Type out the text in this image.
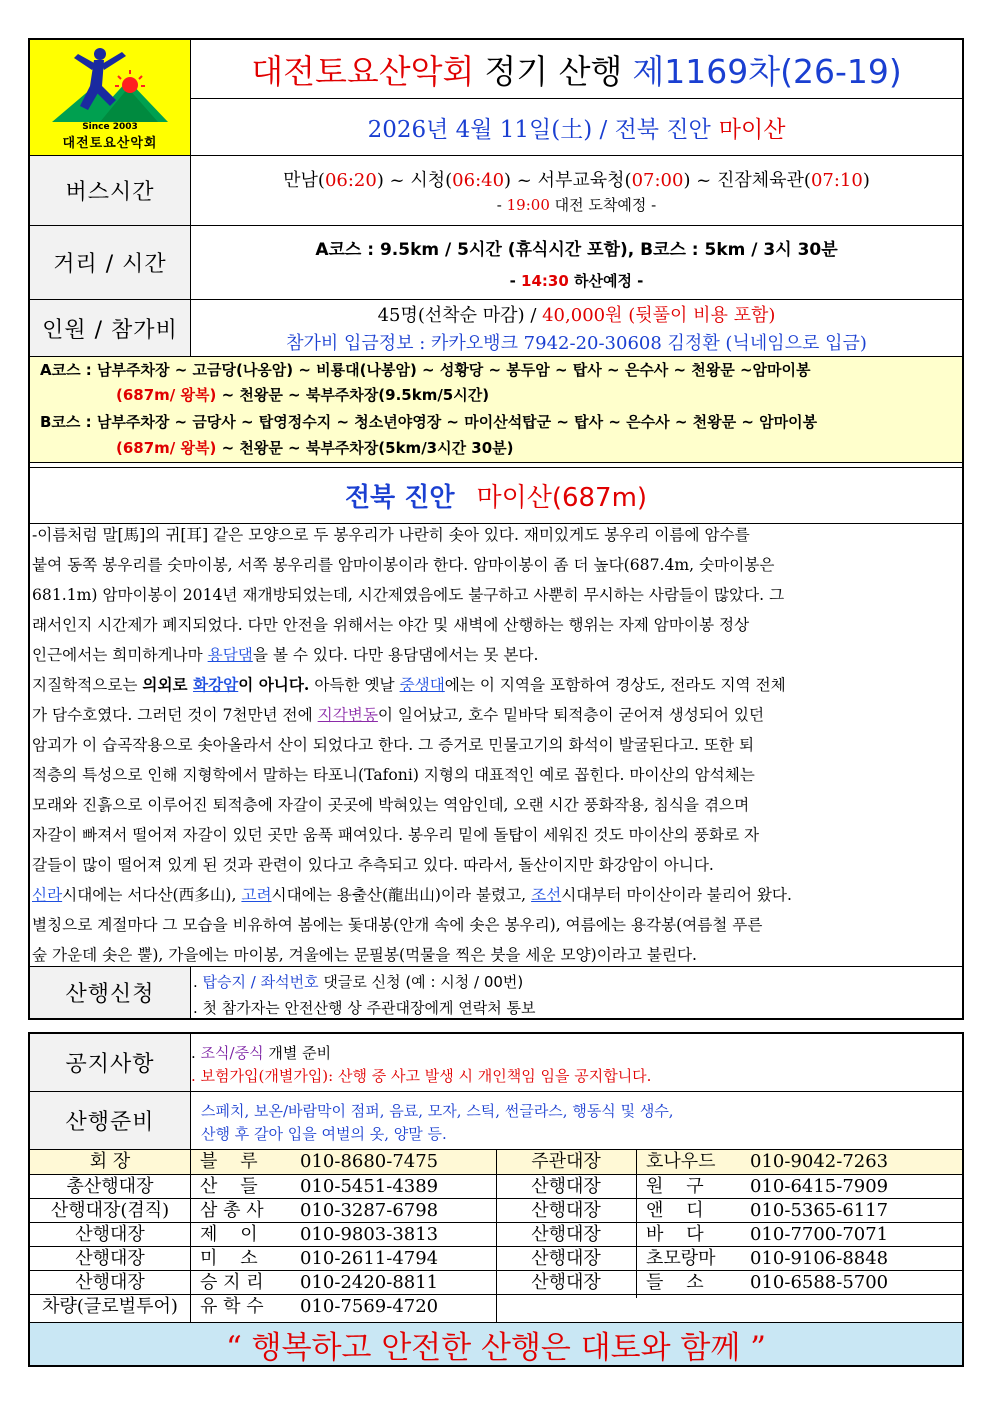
Since 2003
대전토요산악회
대전토요산악회 정기 산행 제1169차(26-19)
2026년 4월 11일(土) / 전북 진안 마이산
버스시간	만남(06:20) ~ 시청(06:40) ~ 서부교육청(07:00) ~ 진잠체육관(07:10)
- 19:00 대전 도착예정 -
거리 / 시간
A코스 : 9.5km / 5시간 (휴식시간 포함), B코스 : 5km / 3시 30분
- 14:30 하산예정 -
인원 / 참가비
45명(선착순 마감) / 40,000원 (뒷풀이 비용 포함)
참가비 입금정보 : 카카오뱅크 7942-20-30608 김정환 (닉네임으로 입금)
A코스 : 남부주차장 ~ 고금당(나옹암) ~ 비룡대(나봉암) ~ 성황당 ~ 봉두암 ~ 탑사 ~ 은수사 ~ 천왕문 ~암마이봉
(687m/ 왕복) ~ 천왕문 ~ 북부주차장(9.5km/5시간)
B코스 : 남부주차장 ~ 금당사 ~ 탑영정수지 ~ 청소년야영장 ~ 마이산석탑군 ~ 탑사 ~ 은수사 ~ 천왕문 ~ 암마이봉
(687m/ 왕복) ~ 천왕문 ~ 북부주차장(5km/3시간 30분)
전북 진안 마이산(687m)
-이름처럼 말[馬]의 귀[耳] 같은 모양으로 두 봉우리가 나란히 솟아 있다. 재미있게도 봉우리 이름에 암수를
붙여 동쪽 봉우리를 숫마이봉, 서쪽 봉우리를 암마이봉이라 한다. 암마이봉이 좀 더 높다(687.4m, 숫마이봉은
681.1m) 암마이봉이 2014년 재개방되었는데, 시간제였음에도 불구하고 사뿐히 무시하는 사람들이 많았다. 그
래서인지 시간제가 폐지되었다. 다만 안전을 위해서는 야간 및 새벽에 산행하는 행위는 자제 암마이봉 정상
인근에서는 희미하게나마 용담댐을 볼 수 있다. 다만 용담댐에서는 못 본다.
지질학적으로는 의외로 화강암이 아니다. 아득한 옛날 중생대에는 이 지역을 포함하여 경상도, 전라도 지역 전체
가 담수호였다. 그러던 것이 7천만년 전에 지각변동이 일어났고, 호수 밑바닥 퇴적층이 굳어져 생성되어 있던
암괴가 이 습곡작용으로 솟아올라서 산이 되었다고 한다. 그 증거로 민물고기의 화석이 발굴된다고. 또한 퇴
적층의 특성으로 인해 지형학에서 말하는 타포니(Tafoni) 지형의 대표적인 예로 꼽힌다. 마이산의 암석체는
모래와 진흙으로 이루어진 퇴적층에 자갈이 곳곳에 박혀있는 역암인데, 오랜 시간 풍화작용, 침식을 겪으며
자갈이 빠져서 떨어져 자갈이 있던 곳만 움푹 패여있다. 봉우리 밑에 돌탑이 세워진 것도 마이산의 풍화로 자
갈들이 많이 떨어져 있게 된 것과 관련이 있다고 추측되고 있다. 따라서, 돌산이지만 화강암이 아니다.
신라시대에는 서다산(西多山), 고려시대에는 용출산(龍出山)이라 불렸고, 조선시대부터 마이산이라 불리어 왔다.
별칭으로 계절마다 그 모습을 비유하여 봄에는 돛대봉(안개 속에 솟은 봉우리), 여름에는 용각봉(여름철 푸른
숲 가운데 솟은 뿔), 가을에는 마이봉, 겨울에는 문필봉(먹물을 찍은 붓을 세운 모양)이라고 불린다.
산행신청	. 탑승지 / 좌석번호 댓글로 신청 (예 : 시청 / 00번)
. 첫 참가자는 안전산행 상 주관대장에게 연락처 통보
공지사항	. 조식/중식 개별 준비
. 보험가입(개별가입): 산행 중 사고 발생 시 개인책임 임을 공지합니다.
산행준비	스페치, 보온/바람막이 점퍼, 음료, 모자, 스틱, 썬글라스, 행동식 및 생수,
산행 후 갈아 입을 여벌의 옷, 양말 등.
회 장	블    루 010-8680-7475	주관대장	호나우드 010-9042-7263
총산행대장	산    들 010-5451-4389	산행대장	원    구	010-6415-7909
산행대장(겸직)	삼 총 사 010-3287-6798	산행대장	앤    디	010-5365-6117
산행대장	제    이 010-9803-3813	산행대장	바    다	010-7700-7071
산행대장	미    소 010-2611-4794	산행대장	초모랑마 010-9106-8848
산행대장	승 지 리 010-2420-8811	산행대장	들    소	010-6588-5700
차량(글로벌투어)	유 학 수 010-7569-4720
“ 행복하고 안전한 산행은 대토와 함께 ”
